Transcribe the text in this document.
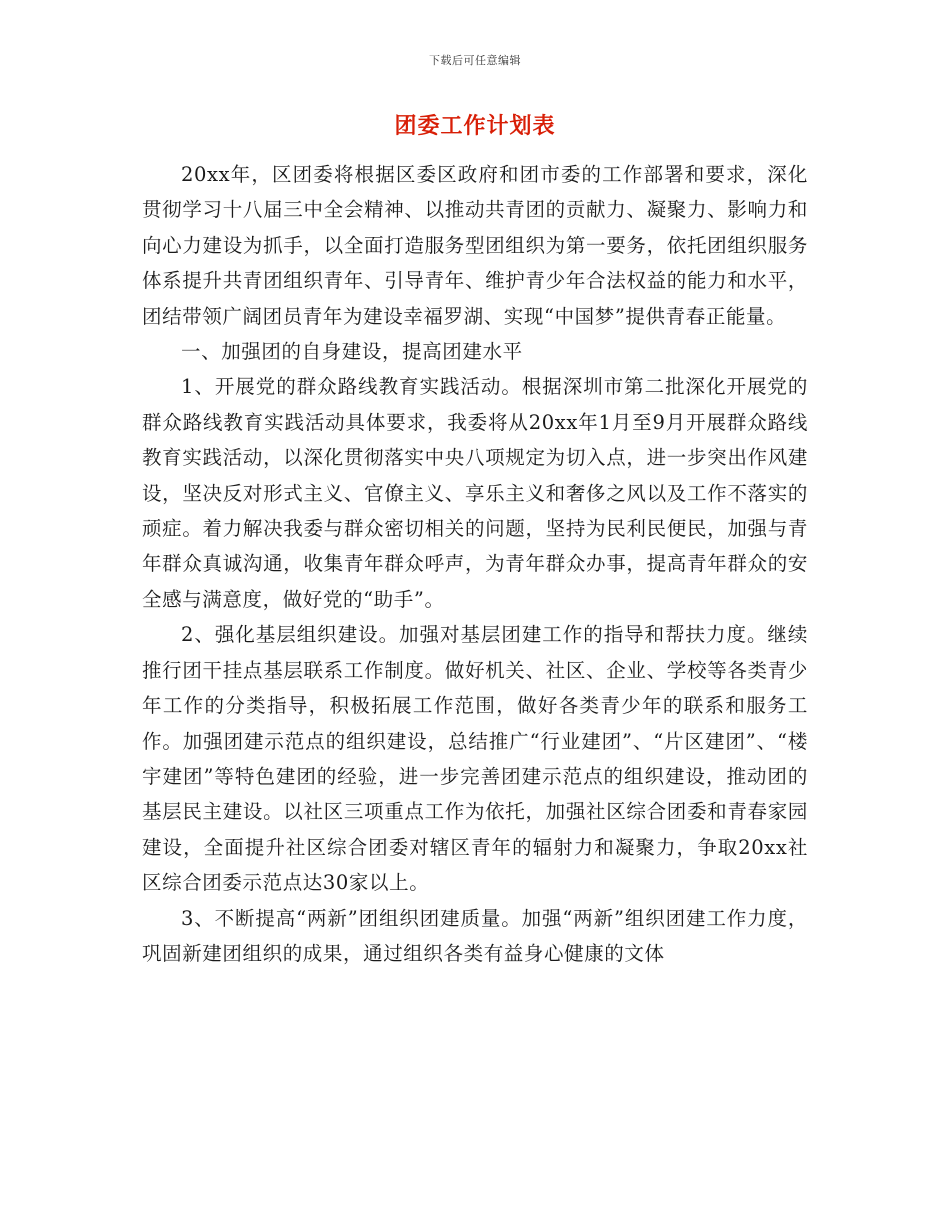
下载后可任意编辑
团委工作计划表

20xx年，区团委将根据区委区政府和团市委的工作部署和要求，深化贯彻学习十八届三中全会精神、以推动共青团的贡献力、凝聚力、影响力和向心力建设为抓手，以全面打造服务型团组织为第一要务，依托团组织服务体系提升共青团组织青年、引导青年、维护青少年合法权益的能力和水平，团结带领广阔团员青年为建设幸福罗湖、实现“中国梦”提供青春正能量。

一、加强团的自身建设，提高团建水平

1、开展党的群众路线教育实践活动。根据深圳市第二批深化开展党的群众路线教育实践活动具体要求，我委将从20xx年1月至9月开展群众路线教育实践活动，以深化贯彻落实中央八项规定为切入点，进一步突出作风建设，坚决反对形式主义、官僚主义、享乐主义和奢侈之风以及工作不落实的顽症。着力解决我委与群众密切相关的问题，坚持为民利民便民，加强与青年群众真诚沟通，收集青年群众呼声，为青年群众办事，提高青年群众的安全感与满意度，做好党的“助手”。

2、强化基层组织建设。加强对基层团建工作的指导和帮扶力度。继续推行团干挂点基层联系工作制度。做好机关、社区、企业、学校等各类青少年工作的分类指导，积极拓展工作范围，做好各类青少年的联系和服务工作。加强团建示范点的组织建设，总结推广“行业建团”、“片区建团”、“楼宇建团”等特色建团的经验，进一步完善团建示范点的组织建设，推动团的基层民主建设。以社区三项重点工作为依托，加强社区综合团委和青春家园建设，全面提升社区综合团委对辖区青年的辐射力和凝聚力，争取20xx社区综合团委示范点达30家以上。

3、不断提高“两新”团组织团建质量。加强“两新”组织团建工作力度，巩固新建团组织的成果，通过组织各类有益身心健康的文体
